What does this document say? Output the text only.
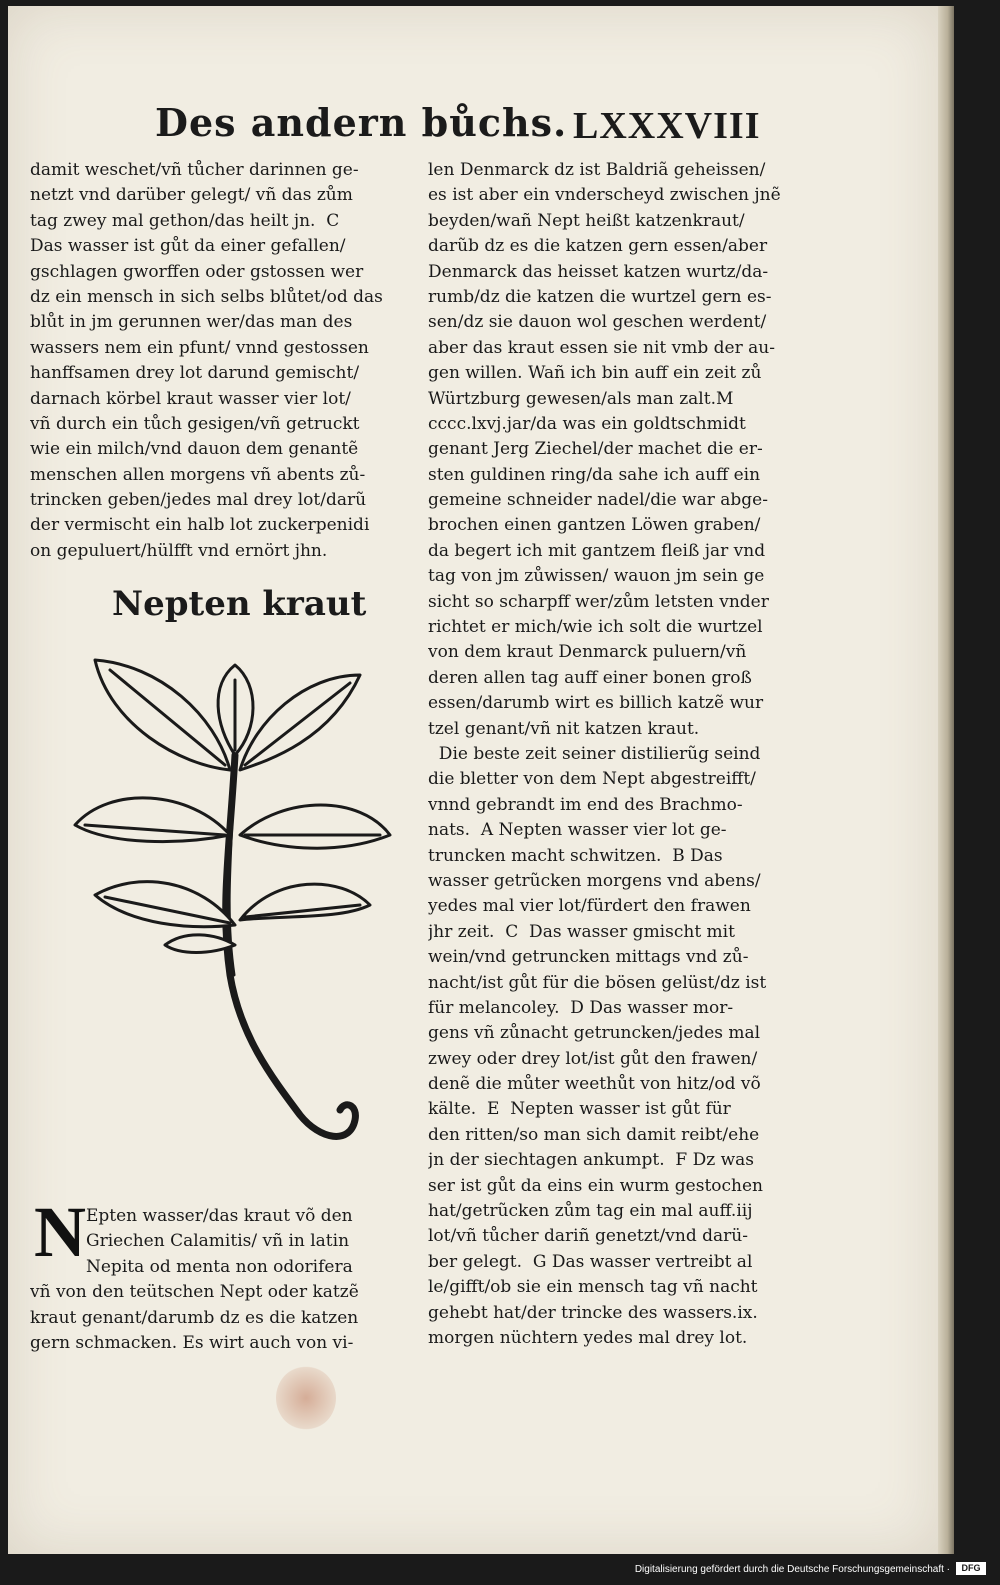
Des andern bůchs. LXXXVIII
damit weschet/vñ tůcher darinnen ge‐
netzt vnd darüber gelegt/ vñ das zům
tag zwey mal gethon/das heilt jn.  C
Das wasser ist gůt da einer gefallen/
gschlagen gworffen oder gstossen wer
dz ein mensch in sich selbs blůtet/od das
blůt in jm gerunnen wer/das man des
wassers nem ein pfunt/ vnnd gestossen
hanffsamen drey lot darund gemischt/
darnach körbel kraut wasser vier lot/
vñ durch ein tůch gesigen/vñ getruckt
wie ein milch/vnd dauon dem genantẽ
menschen allen morgens vñ abents zů‐
trincken geben/jedes mal drey lot/darũ
der vermischt ein halb lot zuckerpenidi
on gepuluert/hülfft vnd ernört jhn.
Nepten kraut
N Epten wasser/das kraut võ den
Griechen Calamitis/ vñ in latin
Nepita od menta non odorifera
vñ von den teütschen Nept oder katzẽ
kraut genant/darumb dz es die katzen
gern schmacken. Es wirt auch von vi‐
len Denmarck dz ist Baldriã geheissen/
es ist aber ein vnderscheyd zwischen jnẽ
beyden/wañ Nept heißt katzenkraut/
darũb dz es die katzen gern essen/aber
Denmarck das heisset katzen wurtz/da‐
rumb/dz die katzen die wurtzel gern es‐
sen/dz sie dauon wol geschen werdent/
aber das kraut essen sie nit vmb der au‐
gen willen. Wañ ich bin auff ein zeit zů
Würtzburg gewesen/als man zalt.M
cccc.lxvj.jar/da was ein goldtschmidt
genant Jerg Ziechel/der machet die er‐
sten guldinen ring/da sahe ich auff ein
gemeine schneider nadel/die war abge‐
brochen einen gantzen Löwen graben/
da begert ich mit gantzem fleiß jar vnd
tag von jm zůwissen/ wauon jm sein ge
sicht so scharpff wer/zům letsten vnder
richtet er mich/wie ich solt die wurtzel
von dem kraut Denmarck puluern/vñ
deren allen tag auff einer bonen groß
essen/darumb wirt es billich katzẽ wur
tzel genant/vñ nit katzen kraut.
Die beste zeit seiner distilierũg seind
die bletter von dem Nept abgestreifft/
vnnd gebrandt im end des Brachmo‐
nats.  A Nepten wasser vier lot ge‐
truncken macht schwitzen.  B Das
wasser getrũcken morgens vnd abens/
yedes mal vier lot/fürdert den frawen
jhr zeit.  C  Das wasser gmischt mit
wein/vnd getruncken mittags vnd zů‐
nacht/ist gůt für die bösen gelüst/dz ist
für melancoley.  D Das wasser mor‐
gens vñ zůnacht getruncken/jedes mal
zwey oder drey lot/ist gůt den frawen/
denẽ die můter weethůt von hitz/od võ
kälte.  E  Nepten wasser ist gůt für
den ritten/so man sich damit reibt/ehe
jn der siechtagen ankumpt.  F Dz was
ser ist gůt da eins ein wurm gestochen
hat/getrũcken zům tag ein mal auff.iij
lot/vñ tůcher dariñ genetzt/vnd darü‐
ber gelegt.  G Das wasser vertreibt al
le/gifft/ob sie ein mensch tag vñ nacht
gehebt hat/der trincke des wassers.ix.
morgen nüchtern yedes mal drey lot.
Digitalisierung gefördert durch die Deutsche Forschungsgemeinschaft ·	DFG
